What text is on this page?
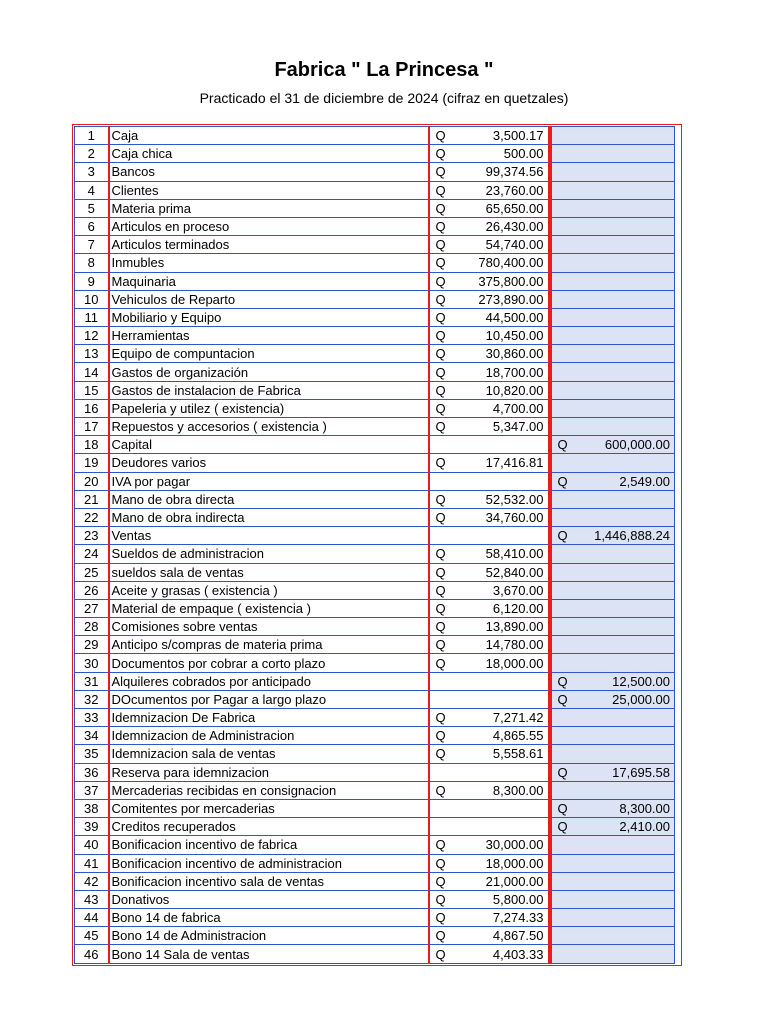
Fabrica " La Princesa "
Practicado el 31 de diciembre de 2024 (cifraz en quetzales)
1	Caja	Q	3,500.17			
2	Caja chica	Q	500.00			
3	Bancos	Q	99,374.56			
4	Clientes	Q	23,760.00			
5	Materia prima	Q	65,650.00			
6	Articulos en proceso	Q	26,430.00			
7	Articulos terminados	Q	54,740.00			
8	Inmubles	Q	780,400.00			
9	Maquinaria	Q	375,800.00			
10	Vehiculos de Reparto	Q	273,890.00			
11	Mobiliario y Equipo	Q	44,500.00			
12	Herramientas	Q	10,450.00			
13	Equipo de compuntacion	Q	30,860.00			
14	Gastos de organización	Q	18,700.00			
15	Gastos de instalacion de Fabrica	Q	10,820.00			
16	Papeleria y utilez ( existencia)	Q	4,700.00			
17	Repuestos y accesorios ( existencia )	Q	5,347.00			
18	Capital				Q	600,000.00
19	Deudores varios	Q	17,416.81			
20	IVA por pagar				Q	2,549.00
21	Mano de obra directa	Q	52,532.00			
22	Mano de obra indirecta	Q	34,760.00			
23	Ventas				Q	1,446,888.24
24	Sueldos de administracion	Q	58,410.00			
25	sueldos sala de ventas	Q	52,840.00			
26	Aceite y grasas ( existencia )	Q	3,670.00			
27	Material de empaque ( existencia )	Q	6,120.00			
28	Comisiones sobre ventas	Q	13,890.00			
29	Anticipo s/compras de materia prima	Q	14,780.00			
30	Documentos por cobrar a corto plazo	Q	18,000.00			
31	Alquileres cobrados por anticipado				Q	12,500.00
32	DOcumentos por Pagar a largo plazo				Q	25,000.00
33	Idemnizacion De Fabrica	Q	7,271.42			
34	Idemnizacion de Administracion	Q	4,865.55			
35	Idemnizacion sala de ventas	Q	5,558.61			
36	Reserva para idemnizacion				Q	17,695.58
37	Mercaderias recibidas en consignacion	Q	8,300.00			
38	Comitentes por mercaderias				Q	8,300.00
39	Creditos recuperados				Q	2,410.00
40	Bonificacion incentivo de fabrica	Q	30,000.00			
41	Bonificacion incentivo de administracion	Q	18,000.00			
42	Bonificacion incentivo sala de ventas	Q	21,000.00			
43	Donativos	Q	5,800.00			
44	Bono 14 de fabrica	Q	7,274.33			
45	Bono 14 de Administracion	Q	4,867.50			
46	Bono 14 Sala de ventas	Q	4,403.33			
